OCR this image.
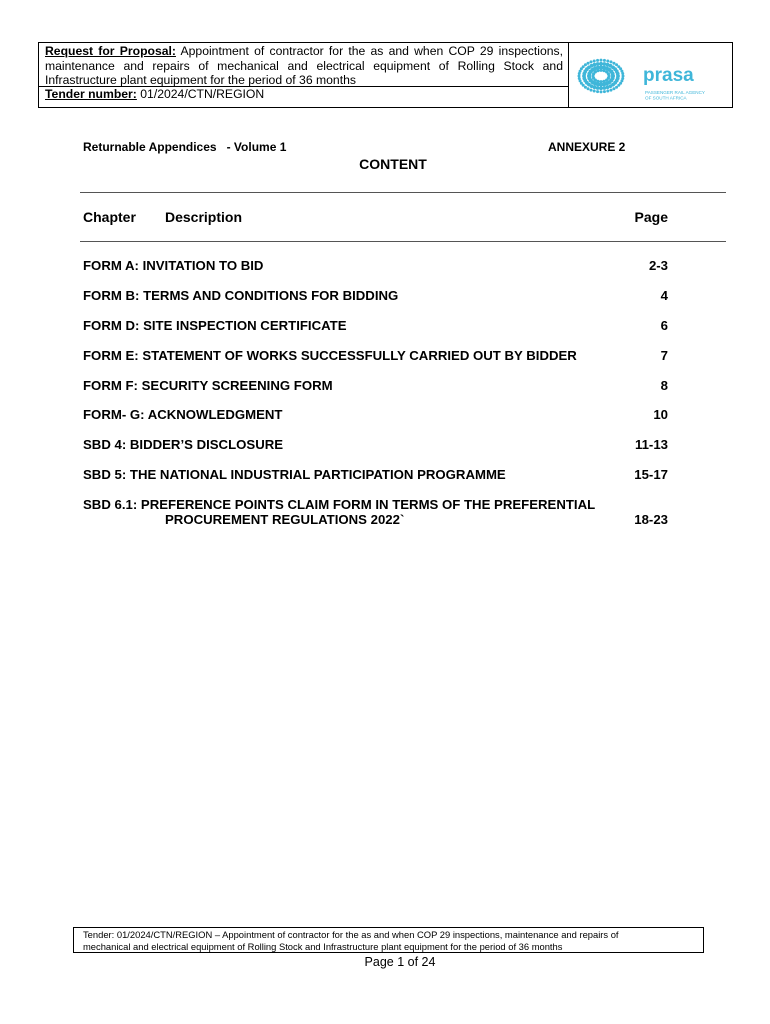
Request for Proposal: Appointment of contractor for the as and when COP 29 inspections, maintenance and repairs of mechanical and electrical equipment of Rolling Stock and Infrastructure plant equipment for the period of 36 months
Tender number: 01/2024/CTN/REGION
prasa
PASSENGER RAIL AGENCY
OF SOUTH AFRICA
Returnable Appendices   - Volume 1	ANNEXURE 2
CONTENT
Chapter Description	Page
FORM A: INVITATION TO BID	2-3
FORM B: TERMS AND CONDITIONS FOR BIDDING	4
FORM D: SITE INSPECTION CERTIFICATE	6
FORM E: STATEMENT OF WORKS SUCCESSFULLY CARRIED OUT BY BIDDER	7
FORM F: SECURITY SCREENING FORM	8
FORM- G: ACKNOWLEDGMENT	10
SBD 4: BIDDER’S DISCLOSURE	11-13
SBD 5: THE NATIONAL INDUSTRIAL PARTICIPATION PROGRAMME	15-17
SBD 6.1: PREFERENCE POINTS CLAIM FORM IN TERMS OF THE PREFERENTIAL
PROCUREMENT REGULATIONS 2022`	18-23
Tender: 01/2024/CTN/REGION – Appointment of contractor for the as and when COP 29 inspections, maintenance and repairs of
mechanical and electrical equipment of Rolling Stock and Infrastructure plant equipment for the period of 36 months
Page 1 of 24
